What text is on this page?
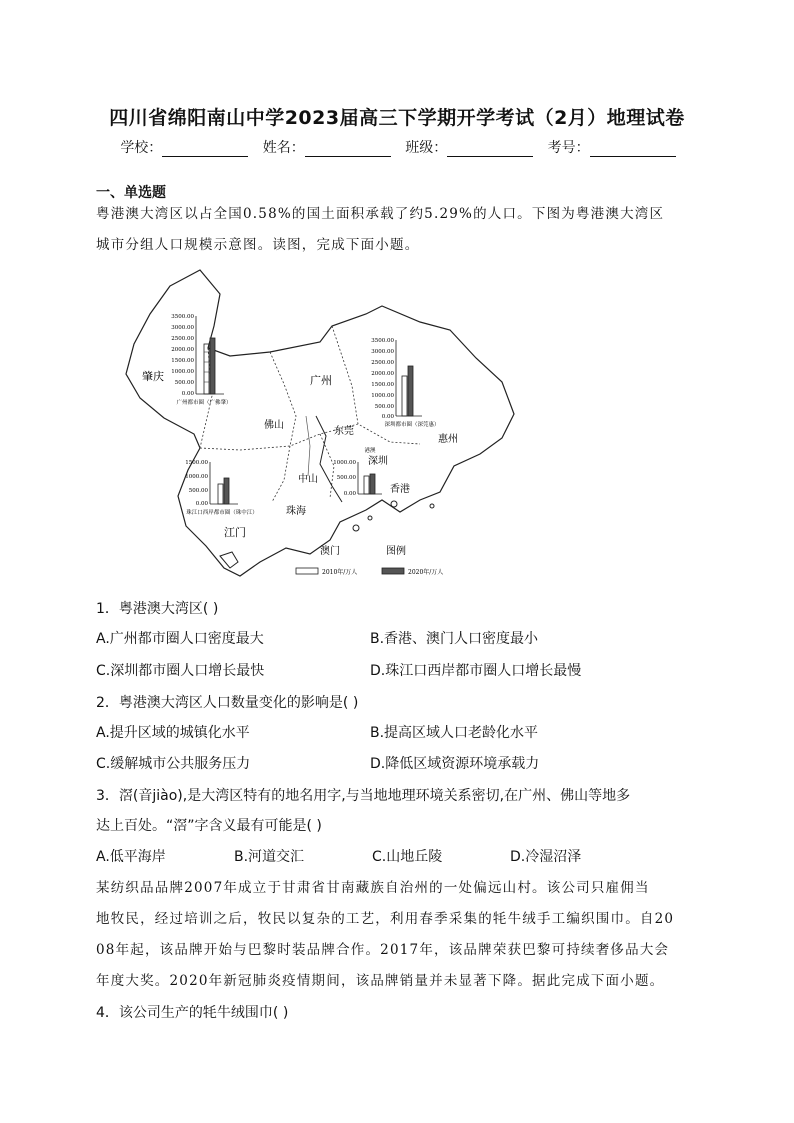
四川省绵阳南山中学2023届高三下学期开学考试（2月）地理试卷
学校：	姓名：	班级：	考号：
一、单选题
粤港澳大湾区以占全国0.58%的国土面积承载了约5.29%的人口。下图为粤港澳大湾区
城市分组人口规模示意图。读图，完成下面小题。
肇庆	广州
佛山
东莞
惠州
深圳
中山
珠海
江门
澳门
香港
图例
3500.00
3000.00
2500.00
2000.00
1500.00
1000.00
500.00
0.00
广州都市圈（广佛肇）
3500.00
3000.00
2500.00
2000.00
1500.00
1000.00
500.00
0.00
深圳都市圈（深莞惠）
1500.00
1000.00
500.00
0.00
珠江口西岸都市圈（珠中江）
1000.00
500.00
0.00
港澳
2010年/万人	2020年/万人
1．粤港澳大湾区( )
A.广州都市圈人口密度最大	B.香港、澳门人口密度最小
C.深圳都市圈人口增长最快	D.珠江口西岸都市圈人口增长最慢
2．粤港澳大湾区人口数量变化的影响是( )
A.提升区域的城镇化水平	B.提高区域人口老龄化水平
C.缓解城市公共服务压力	D.降低区域资源环境承载力
3．滘(音jiào),是大湾区特有的地名用字,与当地地理环境关系密切,在广州、佛山等地多
达上百处。“滘”字含义最有可能是( )
A.低平海岸	B.河道交汇	C.山地丘陵	D.冷湿沼泽
某纺织品品牌2007年成立于甘肃省甘南藏族自治州的一处偏远山村。该公司只雇佣当
地牧民，经过培训之后，牧民以复杂的工艺，利用春季采集的牦牛绒手工编织围巾。自20
08年起，该品牌开始与巴黎时装品牌合作。2017年，该品牌荣获巴黎可持续奢侈品大会
年度大奖。2020年新冠肺炎疫情期间，该品牌销量并未显著下降。据此完成下面小题。
4．该公司生产的牦牛绒围巾( )
